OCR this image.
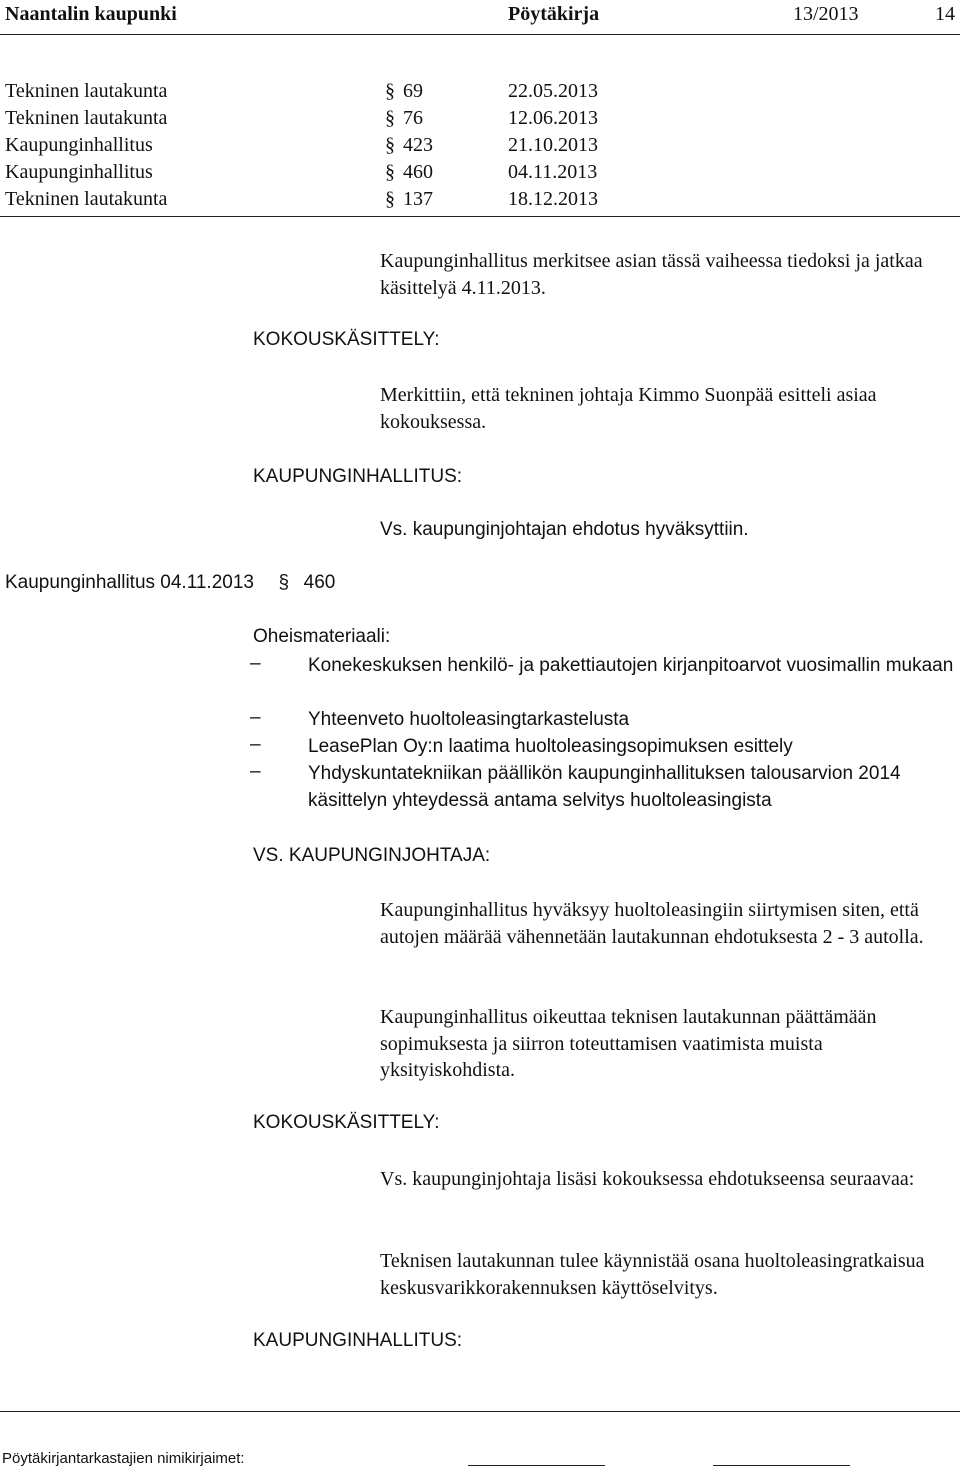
Naantalin kaupunki	Pöytäkirja	13/2013	14
Tekninen lautakunta	§ 69	22.05.2013
Tekninen lautakunta	§ 76	12.06.2013
Kaupunginhallitus	§ 423	21.10.2013
Kaupunginhallitus	§ 460	04.11.2013
Tekninen lautakunta	§ 137	18.12.2013
Kaupunginhallitus merkitsee asian tässä vaiheessa tiedoksi ja jatkaa käsittelyä 4.11.2013.
KOKOUSKÄSITTELY:
Merkittiin, että tekninen johtaja Kimmo Suonpää esitteli asiaa kokouksessa.
KAUPUNGINHALLITUS:
Vs. kaupunginjohtajan ehdotus hyväksyttiin.
Kaupunginhallitus 04.11.2013 § 460
Oheismateriaali:
– Konekeskuksen henkilö- ja pakettiautojen kirjanpitoarvot vuosimallin mukaan
– Yhteenveto huoltoleasingtarkastelusta
– LeasePlan Oy:n laatima huoltoleasingsopimuksen esittely
– Yhdyskuntatekniikan päällikön kaupunginhallituksen talousarvion 2014 käsittelyn yhteydessä antama selvitys huoltoleasingista
VS. KAUPUNGINJOHTAJA:
Kaupunginhallitus hyväksyy huoltoleasingiin siirtymisen siten, että autojen määrää vähennetään lautakunnan ehdotuksesta 2 - 3 autolla.
Kaupunginhallitus oikeuttaa teknisen lautakunnan päättämään sopimuksesta ja siirron toteuttamisen vaatimista muista yksityiskohdista.
KOKOUSKÄSITTELY:
Vs. kaupunginjohtaja lisäsi kokouksessa ehdotukseensa seuraavaa:
Teknisen lautakunnan tulee käynnistää osana huoltoleasingratkaisua keskusvarikkorakennuksen käyttöselvitys.
KAUPUNGINHALLITUS:
Pöytäkirjantarkastajien nimikirjaimet:
